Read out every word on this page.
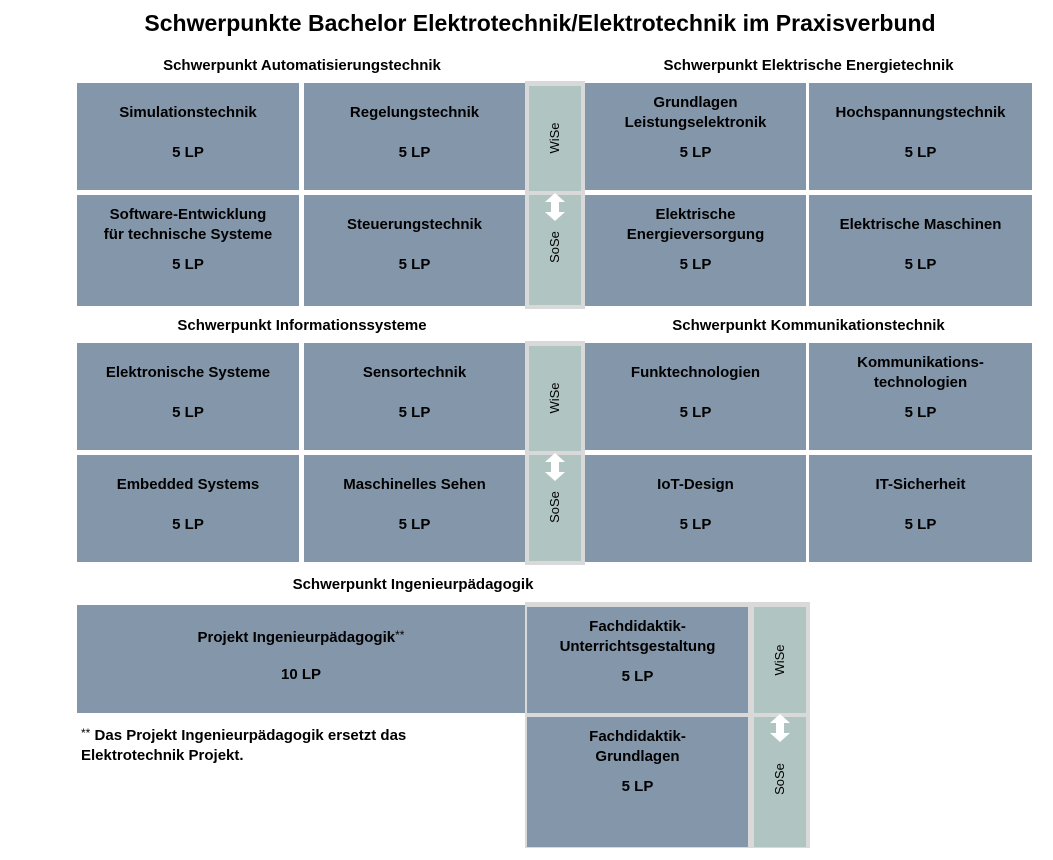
Schwerpunkte Bachelor Elektrotechnik/Elektrotechnik im Praxisverbund
Schwerpunkt Automatisierungstechnik
Simulationstechnik
5 LP
Regelungstechnik
5 LP
Software-Entwicklung
für technische Systeme
5 LP
Steuerungstechnik
5 LP
WiSe
SoSe
Schwerpunkt Elektrische Energietechnik
Grundlagen
Leistungselektronik
5 LP
Hochspannungstechnik
5 LP
Elektrische
Energieversorgung
5 LP
Elektrische Maschinen
5 LP
Schwerpunkt Informationssysteme
Elektronische Systeme
5 LP
Sensortechnik
5 LP
Embedded Systems
5 LP
Maschinelles Sehen
5 LP
WiSe
SoSe
Schwerpunkt Kommunikationstechnik
Funktechnologien
5 LP
Kommunikations-
technologien
5 LP
IoT-Design
5 LP
IT-Sicherheit
5 LP
Schwerpunkt Ingenieurpädagogik
Projekt Ingenieurpädagogik**
10 LP
Fachdidaktik-
Unterrichtsgestaltung
5 LP
Fachdidaktik-
Grundlagen
5 LP
WiSe
SoSe
** Das Projekt Ingenieurpädagogik ersetzt das
Elektrotechnik Projekt.
